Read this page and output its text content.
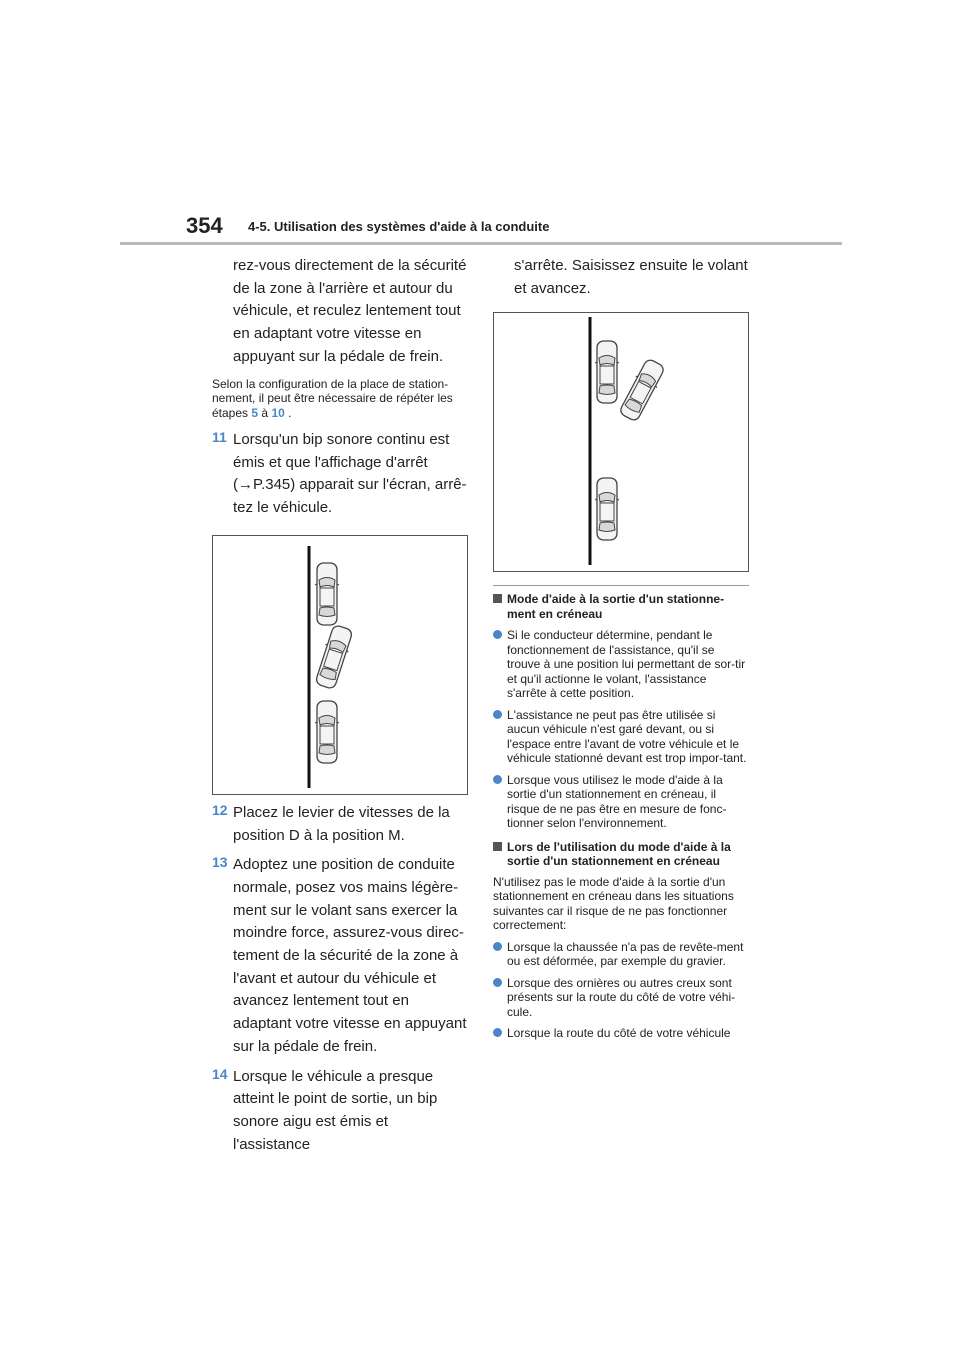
354 4-5. Utilisation des systèmes d'aide à la conduite

rez-vous directement de la sécurité de la zone à l'arrière et autour du véhicule, et reculez lentement tout en adaptant votre vitesse en appuyant sur la pédale de frein.

Selon la configuration de la place de station-nement, il peut être nécessaire de répéter les étapes 5 à 10 .

11 Lorsqu'un bip sonore continu est émis et que l'affichage d'arrêt (→P.345) apparait sur l'écran, arrê-tez le véhicule.

12 Placez le levier de vitesses de la position D à la position M.

13 Adoptez une position de conduite normale, posez vos mains légère-ment sur le volant sans exercer la moindre force, assurez-vous direc-tement de la sécurité de la zone à l'avant et autour du véhicule et avancez lentement tout en adaptant votre vitesse en appuyant sur la pédale de frein.

14 Lorsque le véhicule a presque atteint le point de sortie, un bip sonore aigu est émis et l'assistance

s'arrête. Saisissez ensuite le volant et avancez.

Mode d'aide à la sortie d'un stationne-ment en créneau
Si le conducteur détermine, pendant le fonctionnement de l'assistance, qu'il se trouve à une position lui permettant de sor-tir et qu'il actionne le volant, l'assistance s'arrête à cette position.
L'assistance ne peut pas être utilisée si aucun véhicule n'est garé devant, ou si l'espace entre l'avant de votre véhicule et le véhicule stationné devant est trop impor-tant.
Lorsque vous utilisez le mode d'aide à la sortie d'un stationnement en créneau, il risque de ne pas être en mesure de fonc-tionner selon l'environnement.
Lors de l'utilisation du mode d'aide à la sortie d'un stationnement en créneau

N'utilisez pas le mode d'aide à la sortie d'un stationnement en créneau dans les situations suivantes car il risque de ne pas fonctionner correctement:

Lorsque la chaussée n'a pas de revête-ment ou est déformée, par exemple du gravier.
Lorsque des ornières ou autres creux sont présents sur la route du côté de votre véhi-cule.
Lorsque la route du côté de votre véhicule
